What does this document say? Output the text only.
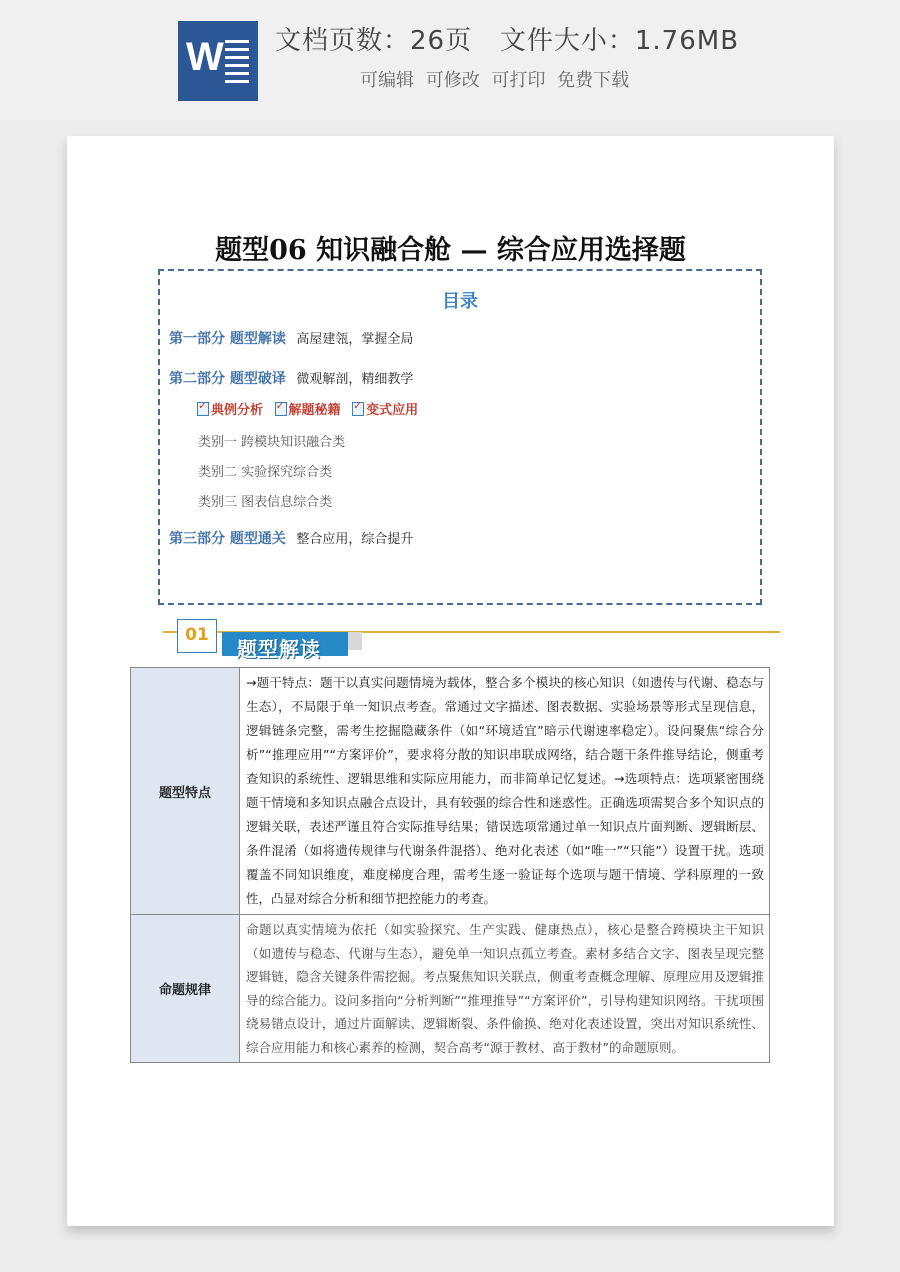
W 文档页数：26页   文件大小：1.76MB
可编辑 可修改 可打印 免费下载
题型06 知识融合舱 — 综合应用选择题
目录
第一部分 题型解读 高屋建瓴，掌握全局
第二部分 题型破译 微观解剖，精细教学
✓典例分析 ✓ 解题秘籍 ✓ 变式应用
类别一 跨模块知识融合类
类别二 实验探究综合类
类别三 图表信息综合类
第三部分 题型通关 整合应用，综合提升
01
题型解读
题型特点	→题干特点：题干以真实问题情境为载体，整合多个模块的核心知识（如遗传与代谢、稳态与生态），不局限于单一知识点考查。常通过文字描述、图表数据、实验场景等形式呈现信息，逻辑链条完整，需考生挖掘隐藏条件（如“环境适宜”暗示代谢速率稳定）。设问聚焦“综合分析”“推理应用”“方案评价”，要求将分散的知识串联成网络，结合题干条件推导结论，侧重考查知识的系统性、逻辑思维和实际应用能力，而非简单记忆复述。→选项特点：选项紧密围绕题干情境和多知识点融合点设计，具有较强的综合性和迷惑性。正确选项需契合多个知识点的逻辑关联，表述严谨且符合实际推导结果；错误选项常通过单一知识点片面判断、逻辑断层、条件混淆（如将遗传规律与代谢条件混搭）、绝对化表述（如“唯一”“只能”）设置干扰。选项覆盖不同知识维度，难度梯度合理，需考生逐一验证每个选项与题干情境、学科原理的一致性，凸显对综合分析和细节把控能力的考查。
命题规律	命题以真实情境为依托（如实验探究、生产实践、健康热点），核心是整合跨模块主干知识（如遗传与稳态、代谢与生态），避免单一知识点孤立考查。素材多结合文字、图表呈现完整逻辑链，隐含关键条件需挖掘。考点聚焦知识关联点，侧重考查概念理解、原理应用及逻辑推导的综合能力。设问多指向“分析判断”“推理推导”“方案评价”，引导构建知识网络。干扰项围绕易错点设计，通过片面解读、逻辑断裂、条件偷换、绝对化表述设置，突出对知识系统性、综合应用能力和核心素养的检测，契合高考“源于教材、高于教材”的命题原则。
